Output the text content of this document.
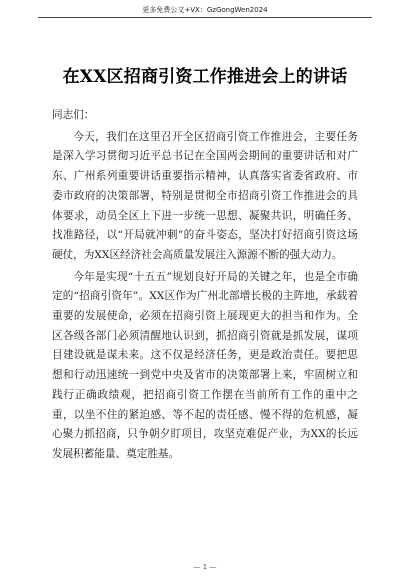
更多免费公文+VX：GzGongWen2024
在XX区招商引资工作推进会上的讲话

同志们：

今天，我们在这里召开全区招商引资工作推进会，主要任务是深入学习贯彻习近平总书记在全国两会期间的重要讲话和对广东、广州系列重要讲话重要指示精神，认真落实省委省政府、市委市政府的决策部署，特别是贯彻全市招商引资工作推进会的具体要求，动员全区上下进一步统一思想、凝聚共识，明确任务、找准路径，以“开局就冲刺”的奋斗姿态，坚决打好招商引资这场硬仗，为XX区经济社会高质量发展注入源源不断的强大动力。

今年是实现“十五五”规划良好开局的关键之年，也是全市确定的“招商引资年”。XX区作为广州北部增长极的主阵地，承载着重要的发展使命，必须在招商引资上展现更大的担当和作为。全区各级各部门必须清醒地认识到，抓招商引资就是抓发展，谋项目建设就是谋未来。这不仅是经济任务，更是政治责任。要把思想和行动迅速统一到党中央及省市的决策部署上来，牢固树立和践行正确政绩观，把招商引资工作摆在当前所有工作的重中之重，以坐不住的紧迫感、等不起的责任感、慢不得的危机感，凝心聚力抓招商，只争朝夕盯项目，攻坚克难促产业，为XX的长远发展积蓄能量、奠定胜基。

— 1 —
